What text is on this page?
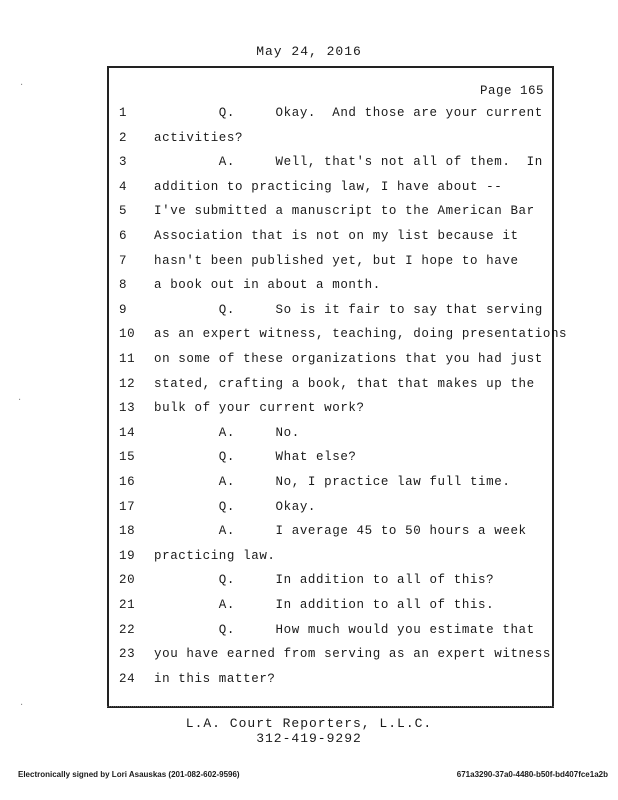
May 24, 2016
Page 165
1	Q.     Okay.  And those are your current
2	activities?
3	A.     Well, that's not all of them.  In
4	addition to practicing law, I have about --
5	I've submitted a manuscript to the American Bar
6	Association that is not on my list because it
7	hasn't been published yet, but I hope to have
8	a book out in about a month.
9	Q.     So is it fair to say that serving
10	as an expert witness, teaching, doing presentations
11	on some of these organizations that you had just
12	stated, crafting a book, that that makes up the
13	bulk of your current work?
14	A.     No.
15	Q.     What else?
16	A.     No, I practice law full time.
17	Q.     Okay.
18	A.     I average 45 to 50 hours a week
19	practicing law.
20	Q.     In addition to all of this?
21	A.     In addition to all of this.
22	Q.     How much would you estimate that
23	you have earned from serving as an expert witness
24	in this matter?
L.A. Court Reporters, L.L.C.
312-419-9292
Electronically signed by Lori Asauskas (201-082-602-9596)	671a3290-37a0-4480-b50f-bd407fce1a2b
·
·
·
